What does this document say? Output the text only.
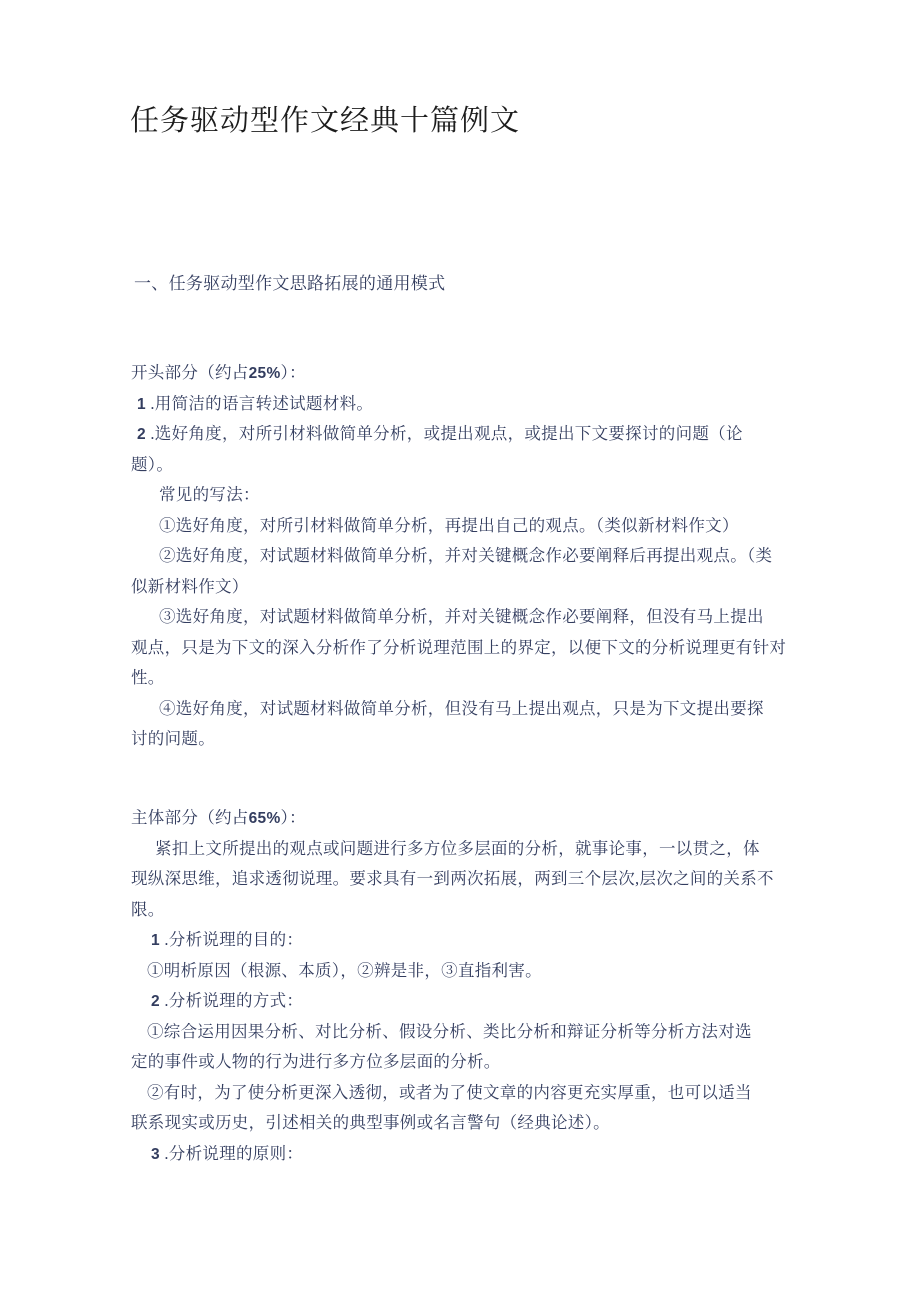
任务驱动型作文经典十篇例文
一、任务驱动型作文思路拓展的通用模式
开头部分（约占25%）：
1 .用简洁的语言转述试题材料。
2 .选好角度，对所引材料做简单分析，或提出观点，或提出下文要探讨的问题（论
题）。
常见的写法：
①选好角度，对所引材料做简单分析，再提出自己的观点。（类似新材料作文）
②选好角度，对试题材料做简单分析，并对关键概念作必要阐释后再提出观点。（类
似新材料作文）
③选好角度，对试题材料做简单分析，并对关键概念作必要阐释，但没有马上提出
观点，只是为下文的深入分析作了分析说理范围上的界定，以便下文的分析说理更有针对
性。
④选好角度，对试题材料做简单分析，但没有马上提出观点，只是为下文提出要探
讨的问题。
主体部分（约占65%）：
紧扣上文所提出的观点或问题进行多方位多层面的分析，就事论事，一以贯之，体
现纵深思维，追求透彻说理。要求具有一到两次拓展，两到三个层次,层次之间的关系不
限。
1 .分析说理的目的：
①明析原因（根源、本质），②辨是非，③直指利害。
2 .分析说理的方式：
①综合运用因果分析、对比分析、假设分析、类比分析和辩证分析等分析方法对选
定的事件或人物的行为进行多方位多层面的分析。
②有时，为了使分析更深入透彻，或者为了使文章的内容更充实厚重，也可以适当
联系现实或历史，引述相关的典型事例或名言警句（经典论述）。
3 .分析说理的原则：
